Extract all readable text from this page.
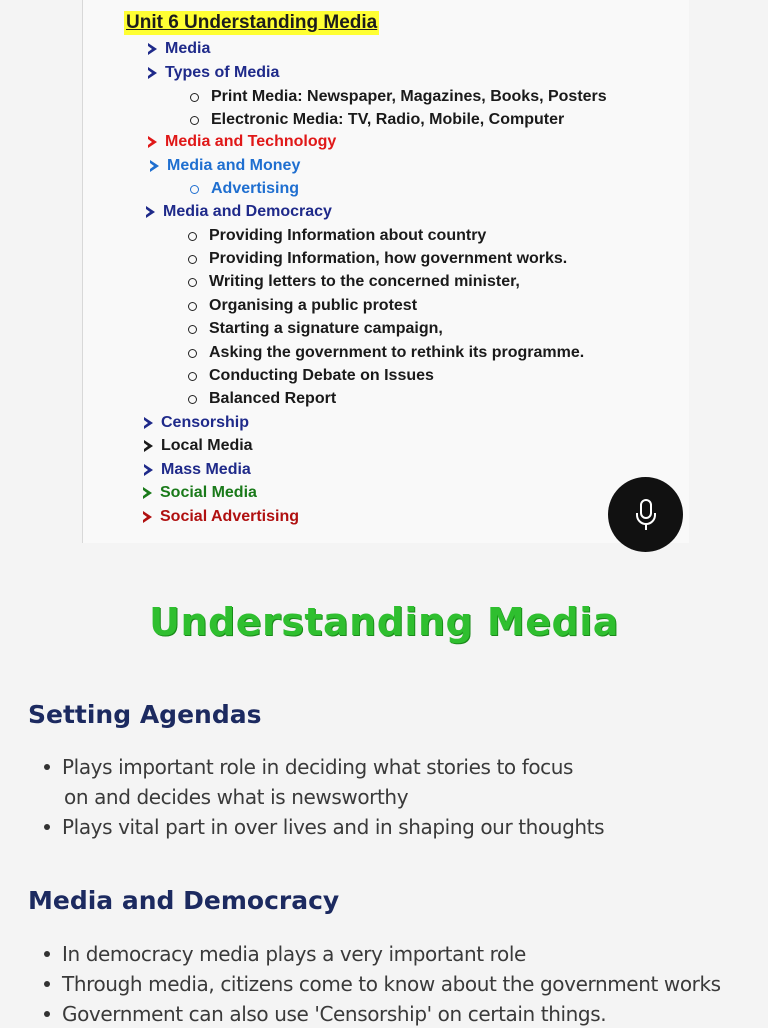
Unit 6 Understanding Media
Media
Types of Media
Print Media: Newspaper, Magazines, Books, Posters
Electronic Media: TV, Radio, Mobile, Computer
Media and Technology
Media and Money
Advertising
Media and Democracy
Providing Information about country
Providing Information, how government works.
Writing letters to the concerned minister,
Organising a public protest
Starting a signature campaign,
Asking the government to rethink its programme.
Conducting Debate on Issues
Balanced Report
Censorship
Local Media
Mass Media
Social Media
Social Advertising
Understanding Media
Setting Agendas
Plays important role in deciding what stories to focus
on and decides what is newsworthy
Plays vital part in over lives and in shaping our thoughts
Media and Democracy
In democracy media plays a very important role
Through media, citizens come to know about the government works
Government can also use 'Censorship' on certain things.
